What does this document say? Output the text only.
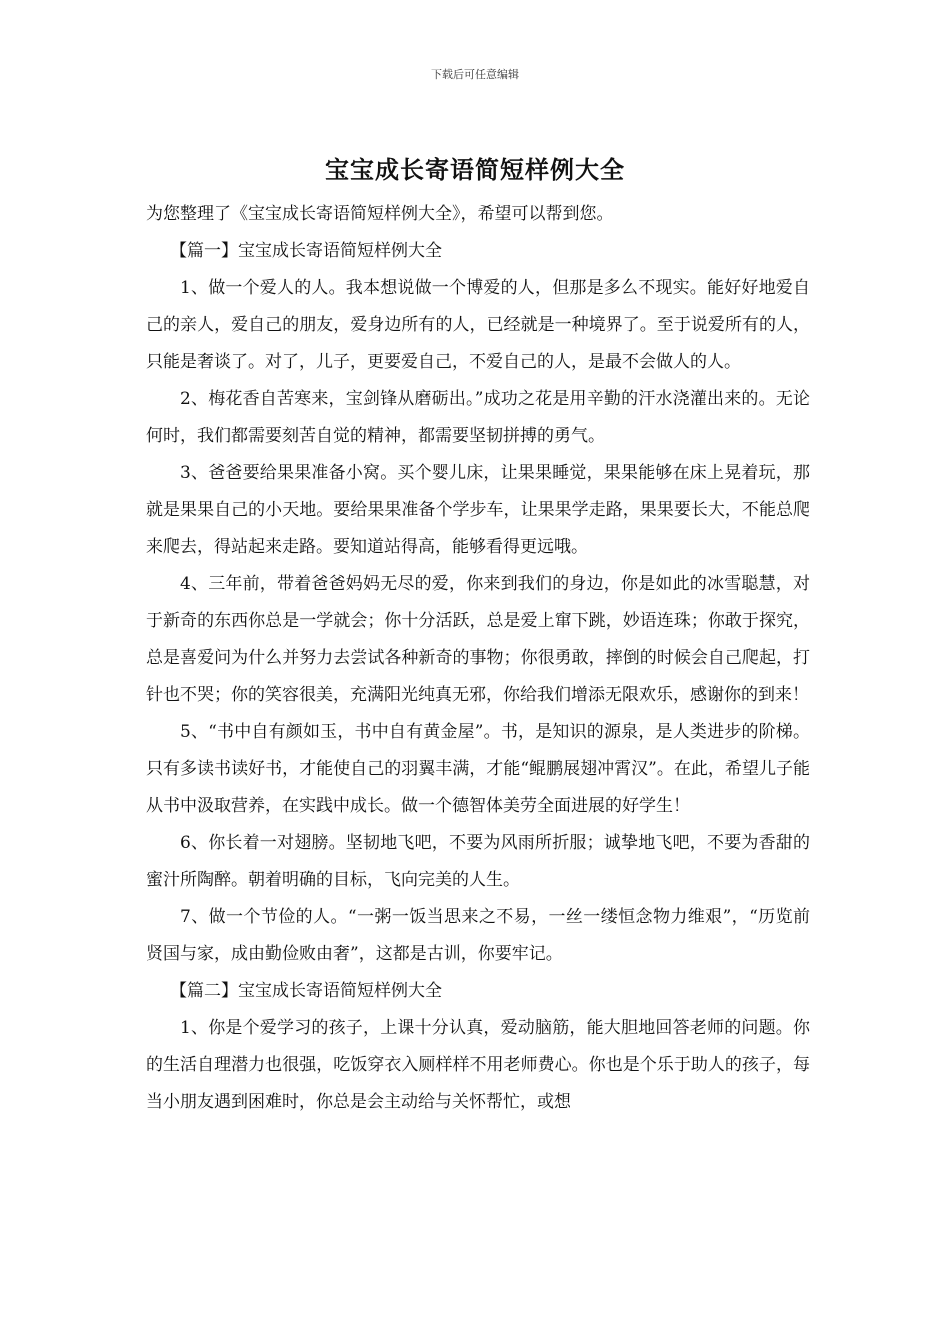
下载后可任意编辑
宝宝成长寄语简短样例大全

为您整理了《宝宝成长寄语简短样例大全》，希望可以帮到您。

【篇一】宝宝成长寄语简短样例大全

1、做一个爱人的人。我本想说做一个博爱的人，但那是多么不现实。能好好地爱自己的亲人，爱自己的朋友，爱身边所有的人，已经就是一种境界了。至于说爱所有的人，只能是奢谈了。对了，儿子，更要爱自己，不爱自己的人，是最不会做人的人。

2、梅花香自苦寒来，宝剑锋从磨砺出。”成功之花是用辛勤的汗水浇灌出来的。无论何时，我们都需要刻苦自觉的精神，都需要坚韧拼搏的勇气。

3、爸爸要给果果准备小窝。买个婴儿床，让果果睡觉，果果能够在床上晃着玩，那就是果果自己的小天地。要给果果准备个学步车，让果果学走路，果果要长大，不能总爬来爬去，得站起来走路。要知道站得高，能够看得更远哦。

4、三年前，带着爸爸妈妈无尽的爱，你来到我们的身边，你是如此的冰雪聪慧，对于新奇的东西你总是一学就会；你十分活跃，总是爱上窜下跳，妙语连珠；你敢于探究，总是喜爱问为什么并努力去尝试各种新奇的事物；你很勇敢，摔倒的时候会自己爬起，打针也不哭；你的笑容很美，充满阳光纯真无邪，你给我们增添无限欢乐，感谢你的到来！

5、“书中自有颜如玉，书中自有黄金屋”。书，是知识的源泉，是人类进步的阶梯。只有多读书读好书，才能使自己的羽翼丰满，才能“鲲鹏展翅冲霄汉”。在此，希望儿子能从书中汲取营养，在实践中成长。做一个德智体美劳全面进展的好学生！

6、你长着一对翅膀。坚韧地飞吧，不要为风雨所折服；诚挚地飞吧，不要为香甜的蜜汁所陶醉。朝着明确的目标，飞向完美的人生。

7、做一个节俭的人。“一粥一饭当思来之不易，一丝一缕恒念物力维艰”，“历览前贤国与家，成由勤俭败由奢”，这都是古训，你要牢记。

【篇二】宝宝成长寄语简短样例大全

1、你是个爱学习的孩子，上课十分认真，爱动脑筋，能大胆地回答老师的问题。你的生活自理潜力也很强，吃饭穿衣入厕样样不用老师费心。你也是个乐于助人的孩子，每当小朋友遇到困难时，你总是会主动给与关怀帮忙，或想
